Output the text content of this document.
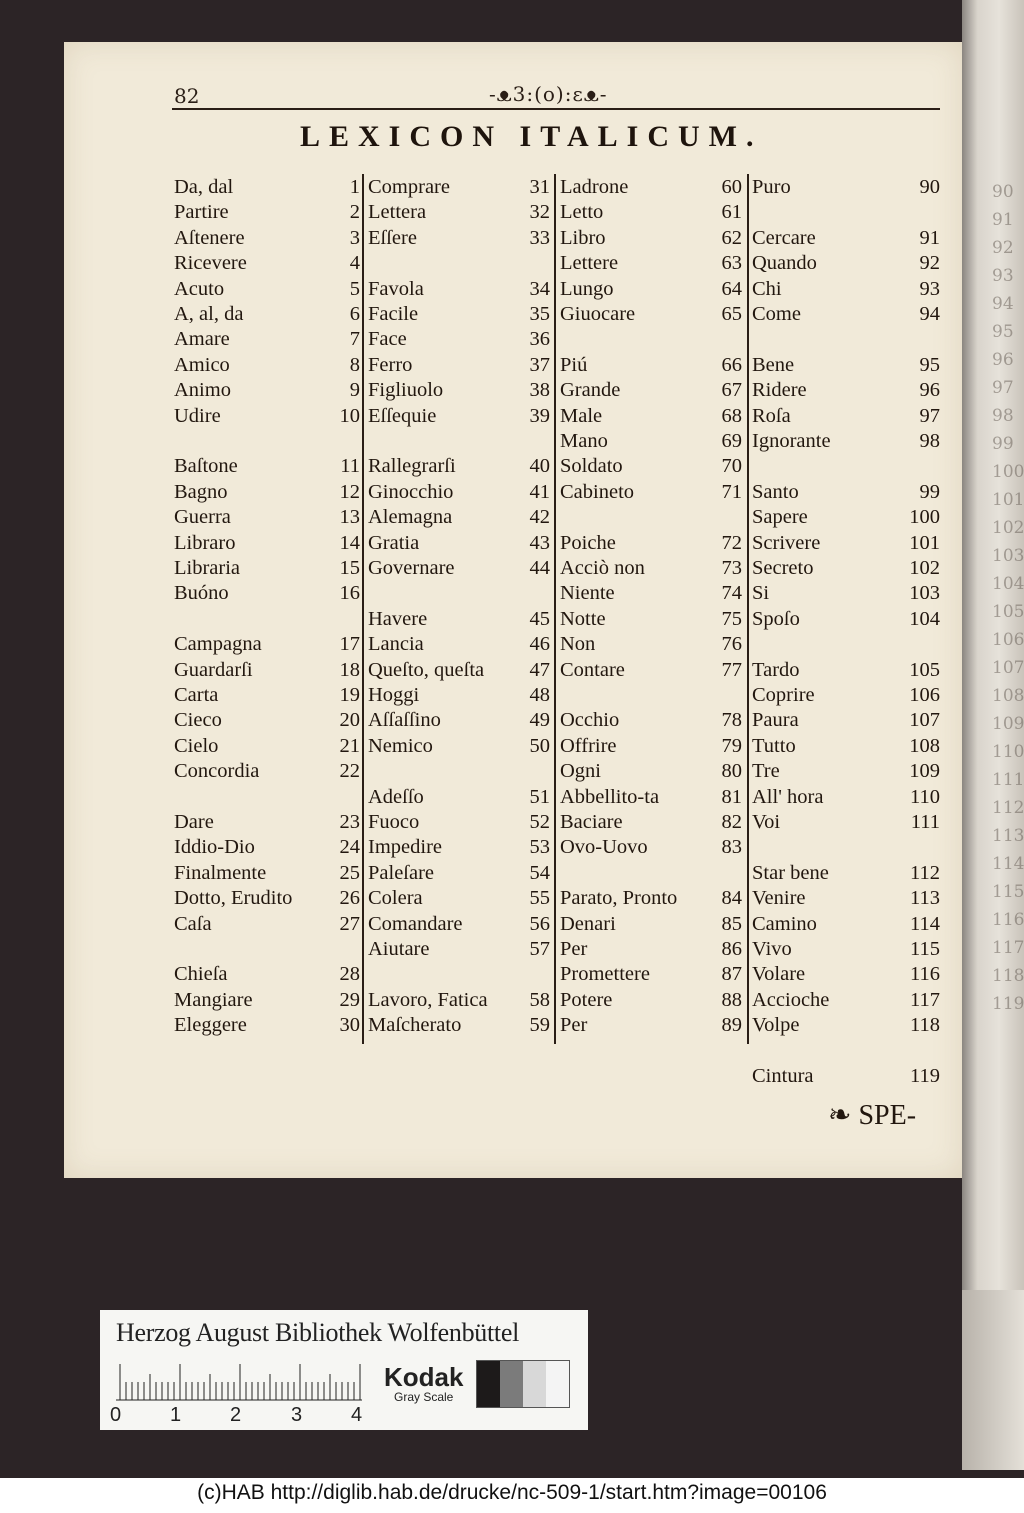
90
91
92
93
94
95
96
97
98
99
100
101
102
103
104
105
106
107
108
109
110
111
112
113
114
115
116
117
118
119
82	-ᴥ3:(o):ɛᴥ-
LEXICON ITALICUM.
❧ SPE-
Da, dal	1
Partire	2
Aſtenere	3
Ricevere	4
Acuto	5
A, al, da	6
Amare	7
Amico	8
Animo	9
Udire	10
Baſtone	11
Bagno	12
Guerra	13
Libraro	14
Libraria	15
Buóno	16
Campagna	17
Guardarſi	18
Carta	19
Cieco	20
Cielo	21
Concordia	22
Dare	23
Iddio-Dio	24
Finalmente	25
Dotto, Erudito 26
Caſa	27
Chieſa	28
Mangiare	29
Eleggere	30
Comprare	31
Lettera	32
Eſſere	33
Favola	34
Facile	35
Face	36
Ferro	37
Figliuolo	38
Eſſequie	39
Rallegrarſi	40
Ginocchio	41
Alemagna	42
Gratia	43
Governare	44
Havere	45
Lancia	46
Queſto, queſta 47
Hoggi	48
Aſſaſſino	49
Nemico	50
Adeſſo	51
Fuoco	52
Impedire	53
Paleſare	54
Colera	55
Comandare	56
Aiutare	57
Lavoro, Fatica 58
Maſcherato	59
Ladrone	60
Letto	61
Libro	62
Lettere	63
Lungo	64
Giuocare	65
Piú	66
Grande	67
Male	68
Mano	69
Soldato	70
Cabineto	71
Poiche	72
Acciò non	73
Niente	74
Notte	75
Non	76
Contare	77
Occhio	78
Offrire	79
Ogni	80
Abbellito-ta	81
Baciare	82
Ovo-Uovo	83
Parato, Pronto 84
Denari	85
Per	86
Promettere	87
Potere	88
Per	89
Puro	90
Cercare	91
Quando	92
Chi	93
Come	94
Bene	95
Ridere	96
Roſa	97
Ignorante	98
Santo	99
Sapere	100
Scrivere	101
Secreto	102
Si	103
Spoſo	104
Tardo	105
Coprire	106
Paura	107
Tutto	108
Tre	109
All' hora	110
Voi	111
Star bene	112
Venire	113
Camino	114
Vivo	115
Volare	116
Accioche	117
Volpe	118
Cintura	119
Herzog August Bibliothek Wolfenbüttel
0 1 2 3 4
Kodak
Gray Scale
(c)HAB http://diglib.hab.de/drucke/nc-509-1/start.htm?image=00106
